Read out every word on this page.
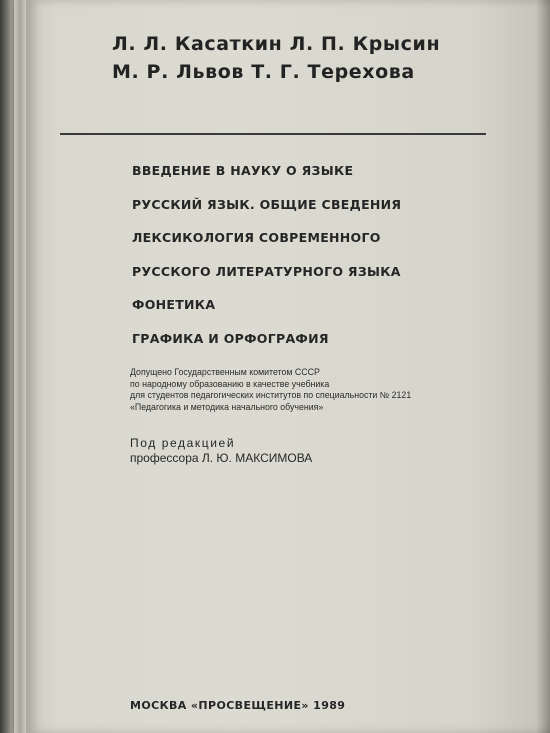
Л. Л. Касаткин Л. П. Крысин
М. Р. Львов Т. Г. Терехова
ВВЕДЕНИЕ В НАУКУ О ЯЗЫКЕ
РУССКИЙ ЯЗЫК. ОБЩИЕ СВЕДЕНИЯ
ЛЕКСИКОЛОГИЯ СОВРЕМЕННОГО
РУССКОГО ЛИТЕРАТУРНОГО ЯЗЫКА
ФОНЕТИКА
ГРАФИКА И ОРФОГРАФИЯ
Допущено Государственным комитетом СССР
по народному образованию в качестве учебника
для студентов педагогических институтов по специальности № 2121
«Педагогика и методика начального обучения»
Под редакцией
профессора Л. Ю. МАКСИМОВА
МОСКВА «ПРОСВЕЩЕНИЕ» 1989
